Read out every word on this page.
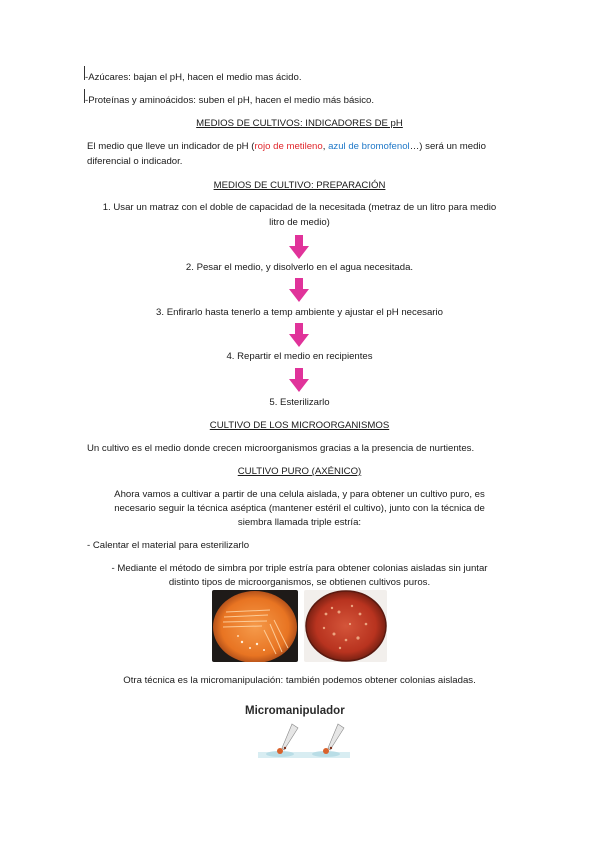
-Azúcares: bajan el pH, hacen el medio mas ácido.
-Proteínas y aminoácidos: suben el pH, hacen el medio más básico.
MEDIOS DE CULTIVOS: INDICADORES DE pH
El medio que lleve un indicador de pH (rojo de metileno, azul de bromofenol…) será un medio
diferencial o indicador.
MEDIOS DE CULTIVO: PREPARACIÓN
1. Usar un matraz con el doble de capacidad de la necesitada (metraz de un litro para medio
litro de medio)
2. Pesar el medio, y disolverlo en el agua necesitada.
3. Enfirarlo hasta tenerlo a temp ambiente y ajustar el pH necesario
4. Repartir el medio en recipientes
5. Esterilizarlo
CULTIVO DE LOS MICROORGANISMOS
Un cultivo es el medio donde crecen microorganismos gracias a la presencia de nurtientes.
CULTIVO PURO (AXÉNICO)
Ahora vamos a cultivar a partir de una celula aislada, y para obtener un cultivo puro, es
necesario seguir la técnica aséptica (mantener estéril el cultivo), junto con la técnica de
siembra llamada triple estría:
- Calentar el material para esterilizarlo
- Mediante el método de simbra por triple estría para obtener colonias aisladas sin juntar
distinto tipos de microorganismos, se obtienen cultivos puros.
Otra técnica es la micromanipulación: también podemos obtener colonias aisladas.
Micromanipulador
